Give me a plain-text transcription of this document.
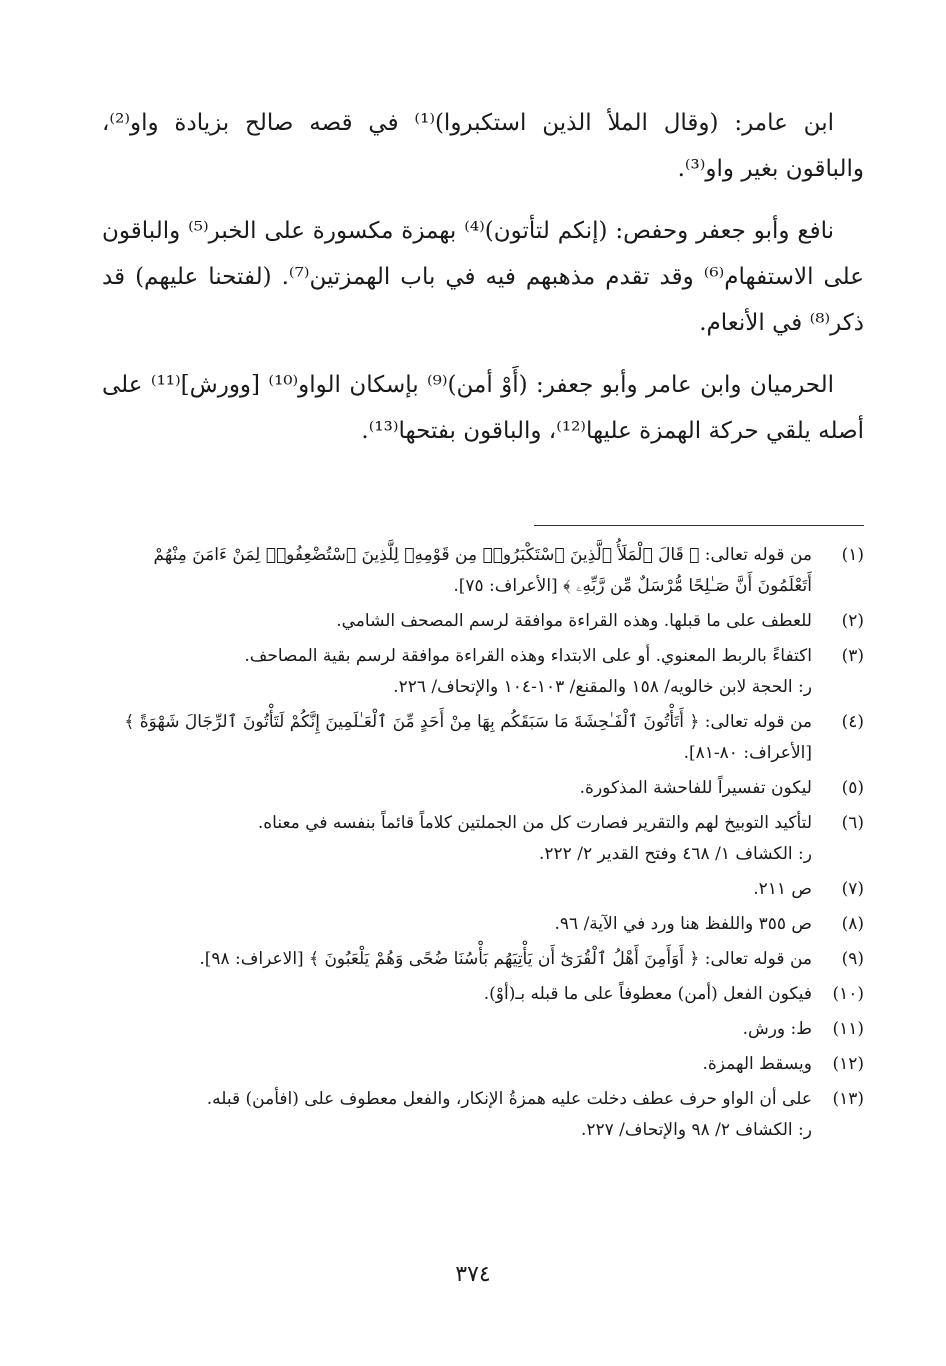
ابن عامر: (وقال الملأ الذين استكبروا)⁽¹⁾ في قصه صالح بزيادة واو⁽²⁾، والباقون بغير واو⁽³⁾.

نافع وأبو جعفر وحفص: (إنكم لتأتون)⁽⁴⁾ بهمزة مكسورة على الخبر⁽⁵⁾ والباقون على الاستفهام⁽⁶⁾ وقد تقدم مذهبهم فيه في باب الهمزتين⁽⁷⁾. (لفتحنا عليهم) قد ذكر⁽⁸⁾ في الأنعام.

الحرميان وابن عامر وأبو جعفر: (أَوْ أمن)⁽⁹⁾ بإسكان الواو⁽¹⁰⁾ [وورش]⁽¹¹⁾ على أصله يلقي حركة الهمزة عليها⁽¹²⁾، والباقون بفتحها⁽¹³⁾.

(١)
من قوله تعالى: ﴿ قَالَ ٱلْمَلَأُ ٱلَّذِينَ ٱسْتَكْبَرُوا۟ مِن قَوْمِهِۦ لِلَّذِينَ ٱسْتُضْعِفُوا۟ لِمَنْ ءَامَنَ مِنْهُمْ
أَتَعْلَمُونَ أَنَّ صَـٰلِحًا مُّرْسَلٌ مِّن رَّبِّهِۦ ﴾ [الأعراف: ٧٥].
(٢)
للعطف على ما قبلها. وهذه القراءة موافقة لرسم المصحف الشامي.
(٣)
اكتفاءً بالربط المعنوي. أو على الابتداء وهذه القراءة موافقة لرسم بقية المصاحف.
ر: الحجة لابن خالويه/ ١٥٨ والمقنع/ ١٠٣-١٠٤ والإتحاف/ ٢٢٦.
(٤)
من قوله تعالى: ﴿ أَتَأْتُونَ ٱلْفَـٰحِشَةَ مَا سَبَقَكُم بِهَا مِنْ أَحَدٍ مِّنَ ٱلْعَـٰلَمِينَ إِنَّكُمْ لَتَأْتُونَ ٱلرِّجَالَ شَهْوَةً ﴾
[الأعراف: ٨٠-٨١].
(٥)
ليكون تفسيراً للفاحشة المذكورة.
(٦)
لتأكيد التوبيخ لهم والتقرير فصارت كل من الجملتين كلاماً قائماً بنفسه في معناه.
ر: الكشاف ١/ ٤٦٨ وفتح القدير ٢/ ٢٢٢.
(٧)
ص ٢١١.
(٨)
ص ٣٥٥ واللفظ هنا ورد في الآية/ ٩٦.
(٩)
من قوله تعالى: ﴿ أَوَأَمِنَ أَهْلُ ٱلْقُرَىٰٓ أَن يَأْتِيَهُم بَأْسُنَا ضُحًى وَهُمْ يَلْعَبُونَ ﴾ [الاعراف: ٩٨].
(١٠)
فيكون الفعل (أمن) معطوفاً على ما قبله بـ(أوْ).
(١١)
ط: ورش.
(١٢)
ويسقط الهمزة.
(١٣)
على أن الواو حرف عطف دخلت عليه همزةُ الإنكار، والفعل معطوف على (افأمن) قبله.
ر: الكشاف ٢/ ٩٨ والإتحاف/ ٢٢٧.
٣٧٤
